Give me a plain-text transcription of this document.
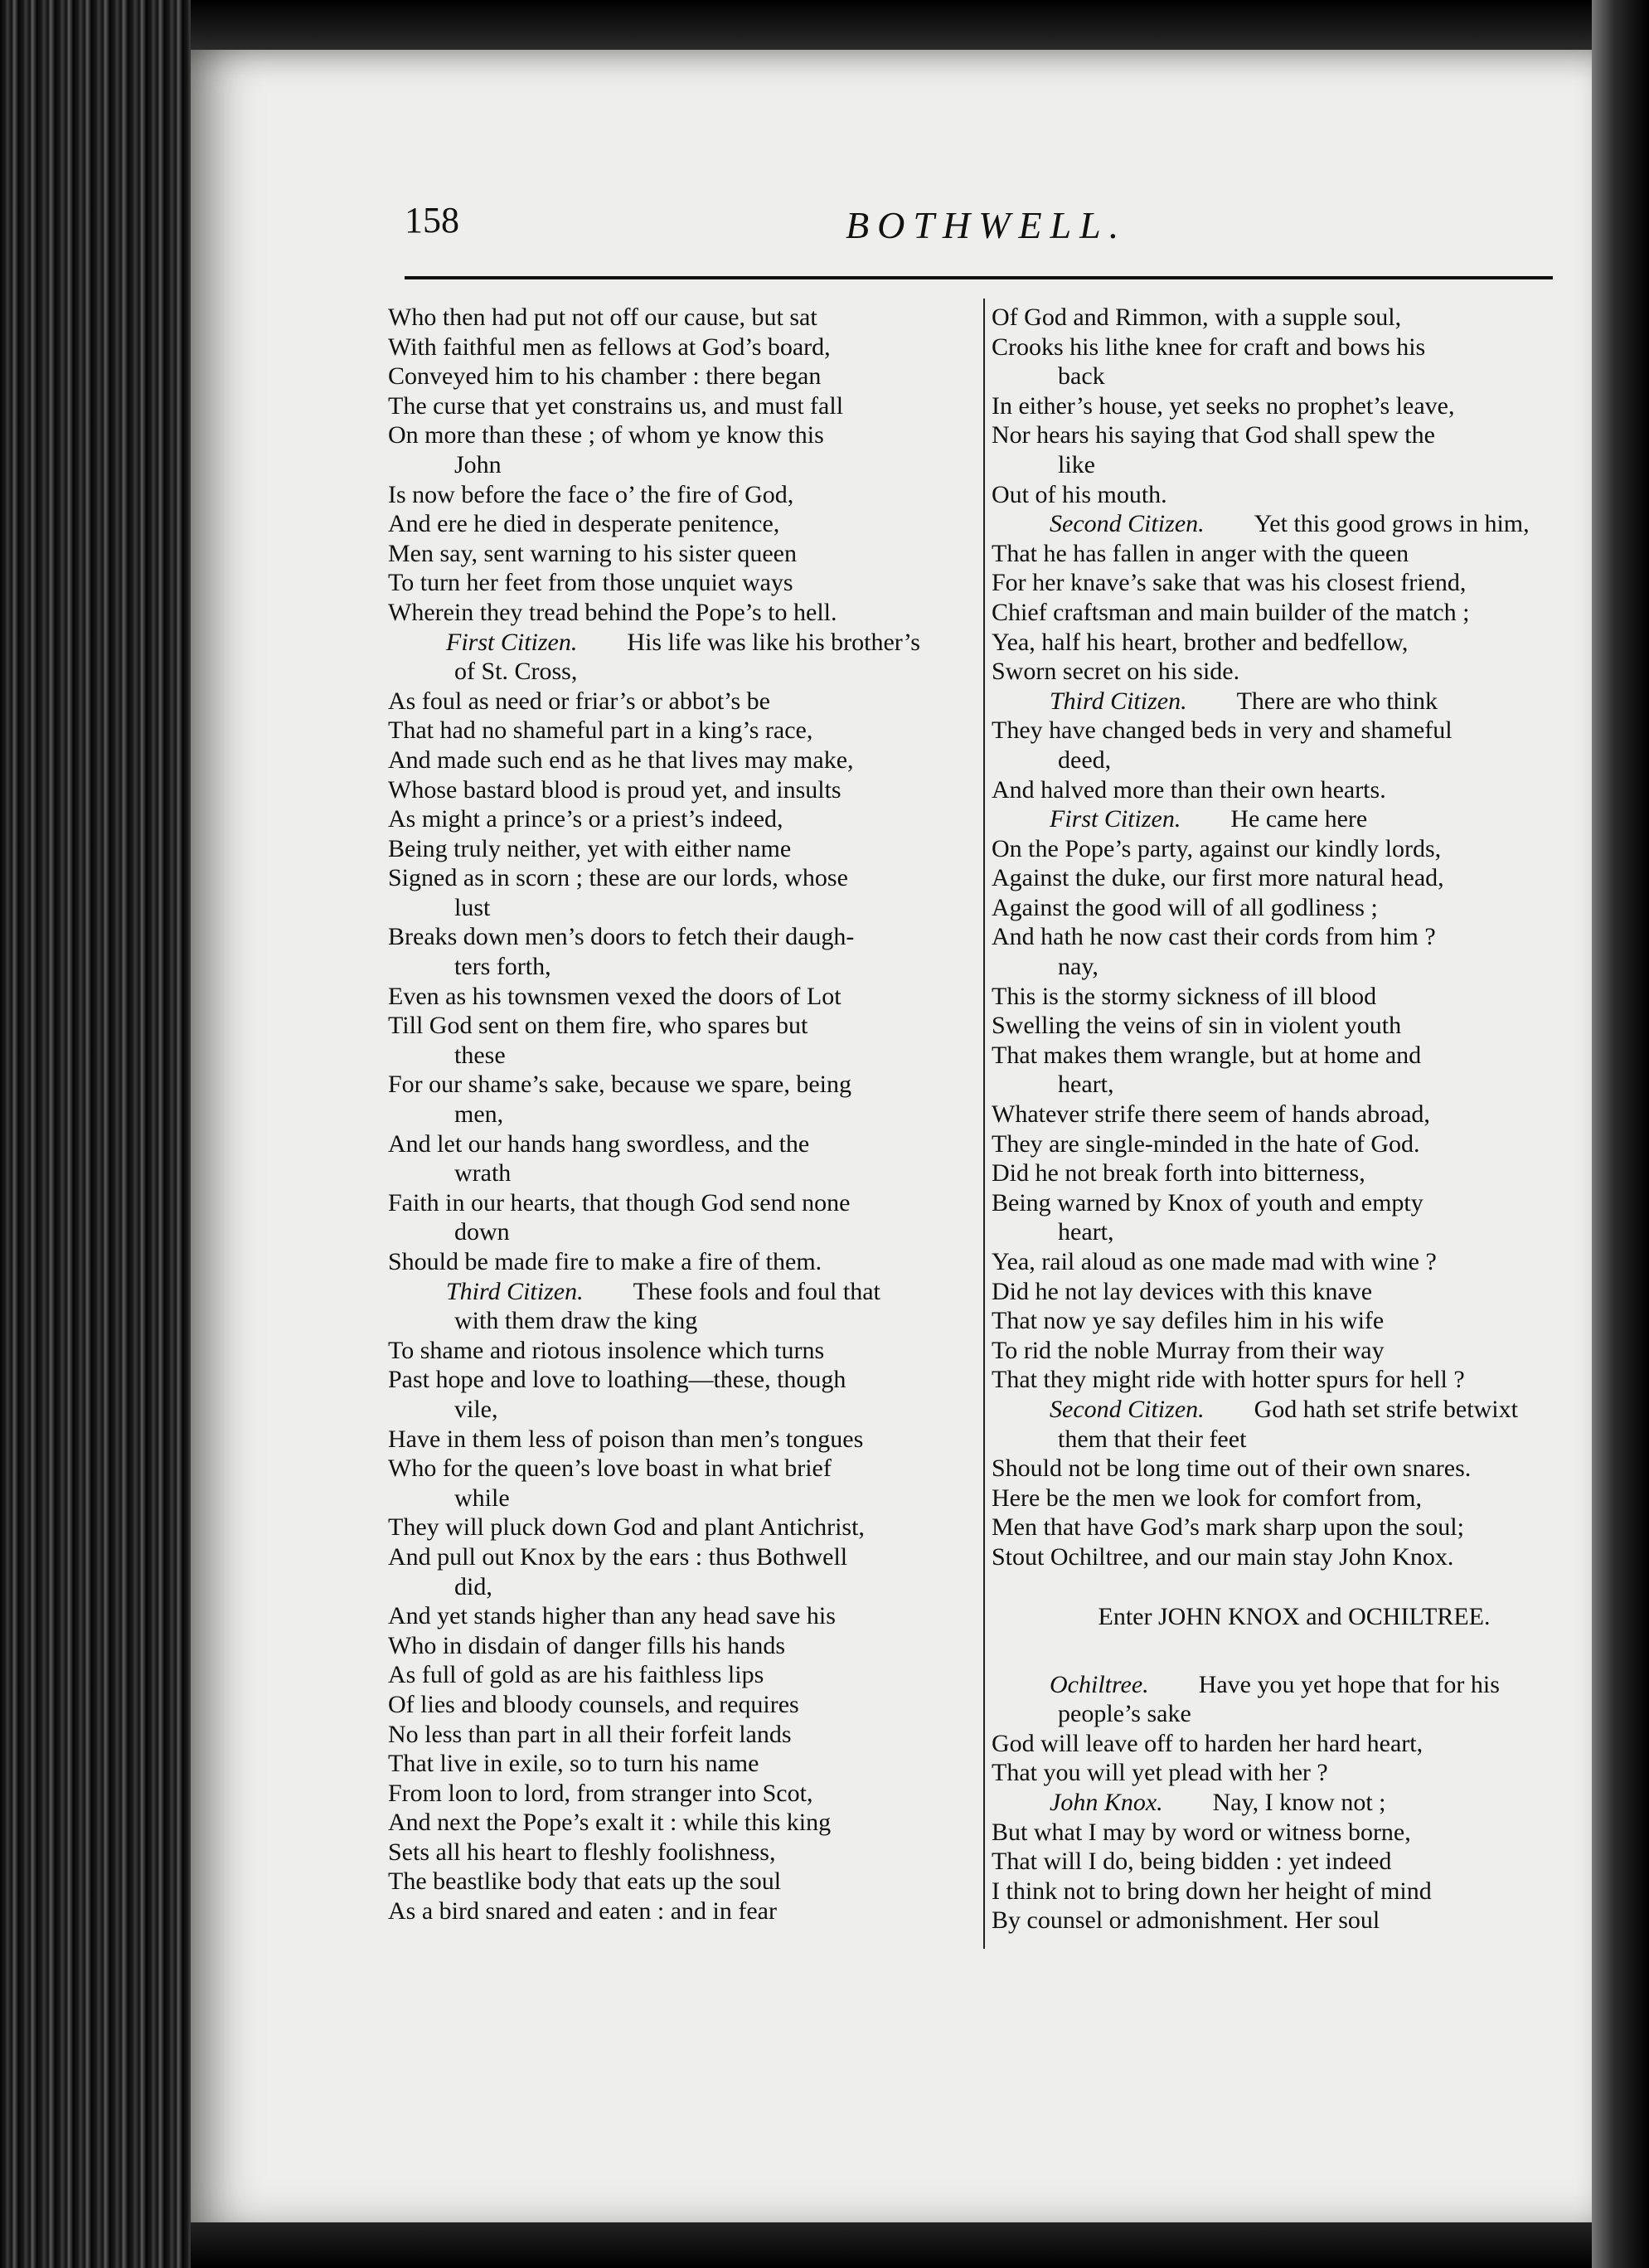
158	BOTHWELL.
Who then had put not off our cause, but sat
With faithful men as fellows at God’s board,
Conveyed him to his chamber : there began
The curse that yet constrains us, and must fall
On more than these ; of whom ye know this
John
Is now before the face o’ the fire of God,
And ere he died in desperate penitence,
Men say, sent warning to his sister queen
To turn her feet from those unquiet ways
Wherein they tread behind the Pope’s to hell.
First Citizen.   His life was like his brother’s
of St. Cross,
As foul as need or friar’s or abbot’s be
That had no shameful part in a king’s race,
And made such end as he that lives may make,
Whose bastard blood is proud yet, and insults
As might a prince’s or a priest’s indeed,
Being truly neither, yet with either name
Signed as in scorn ; these are our lords, whose
lust
Breaks down men’s doors to fetch their daugh-
ters forth,
Even as his townsmen vexed the doors of Lot
Till God sent on them fire, who spares but
these
For our shame’s sake, because we spare, being
men,
And let our hands hang swordless, and the
wrath
Faith in our hearts, that though God send none
down
Should be made fire to make a fire of them.
Third Citizen.   These fools and foul that
with them draw the king
To shame and riotous insolence which turns
Past hope and love to loathing—these, though
vile,
Have in them less of poison than men’s tongues
Who for the queen’s love boast in what brief
while
They will pluck down God and plant Antichrist,
And pull out Knox by the ears : thus Bothwell
did,
And yet stands higher than any head save his
Who in disdain of danger fills his hands
As full of gold as are his faithless lips
Of lies and bloody counsels, and requires
No less than part in all their forfeit lands
That live in exile, so to turn his name
From loon to lord, from stranger into Scot,
And next the Pope’s exalt it : while this king
Sets all his heart to fleshly foolishness,
The beastlike body that eats up the soul
As a bird snared and eaten : and in fear
Of God and Rimmon, with a supple soul,
Crooks his lithe knee for craft and bows his
back
In either’s house, yet seeks no prophet’s leave,
Nor hears his saying that God shall spew the
like
Out of his mouth.
Second Citizen.   Yet this good grows in him,
That he has fallen in anger with the queen
For her knave’s sake that was his closest friend,
Chief craftsman and main builder of the match ;
Yea, half his heart, brother and bedfellow,
Sworn secret on his side.
Third Citizen.   There are who think
They have changed beds in very and shameful
deed,
And halved more than their own hearts.
First Citizen.   He came here
On the Pope’s party, against our kindly lords,
Against the duke, our first more natural head,
Against the good will of all godliness ;
And hath he now cast their cords from him ?
nay,
This is the stormy sickness of ill blood
Swelling the veins of sin in violent youth
That makes them wrangle, but at home and
heart,
Whatever strife there seem of hands abroad,
They are single-minded in the hate of God.
Did he not break forth into bitterness,
Being warned by Knox of youth and empty
heart,
Yea, rail aloud as one made mad with wine ?
Did he not lay devices with this knave
That now ye say defiles him in his wife
To rid the noble Murray from their way
That they might ride with hotter spurs for hell ?
Second Citizen.   God hath set strife betwixt
them that their feet
Should not be long time out of their own snares.
Here be the men we look for comfort from,
Men that have God’s mark sharp upon the soul;
Stout Ochiltree, and our main stay John Knox.
Enter JOHN KNOX and OCHILTREE.
Ochiltree.   Have you yet hope that for his
people’s sake
God will leave off to harden her hard heart,
That you will yet plead with her ?
John Knox.   Nay, I know not ;
But what I may by word or witness borne,
That will I do, being bidden : yet indeed
I think not to bring down her height of mind
By counsel or admonishment. Her soul
